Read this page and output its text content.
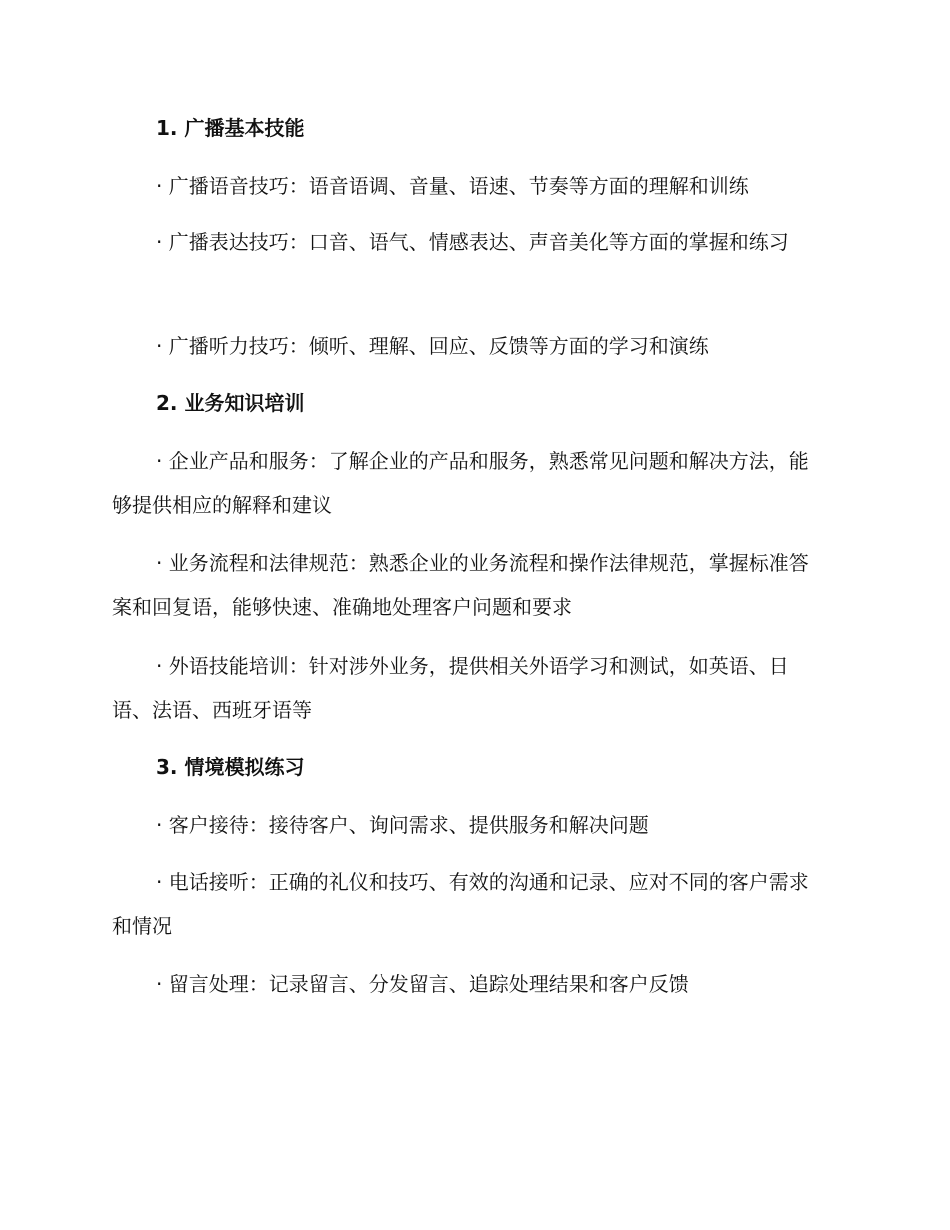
1. 广播基本技能
· 广播语音技巧：语音语调、音量、语速、节奏等方面的理解和训练
· 广播表达技巧：口音、语气、情感表达、声音美化等方面的掌握和练习
· 广播听力技巧：倾听、理解、回应、反馈等方面的学习和演练
2. 业务知识培训
· 企业产品和服务：了解企业的产品和服务，熟悉常见问题和解决方法，能够提供相应的解释和建议
· 业务流程和法律规范：熟悉企业的业务流程和操作法律规范，掌握标准答案和回复语，能够快速、准确地处理客户问题和要求
· 外语技能培训：针对涉外业务，提供相关外语学习和测试，如英语、日语、法语、西班牙语等
3. 情境模拟练习
· 客户接待：接待客户、询问需求、提供服务和解决问题
· 电话接听：正确的礼仪和技巧、有效的沟通和记录、应对不同的客户需求和情况
· 留言处理：记录留言、分发留言、追踪处理结果和客户反馈
